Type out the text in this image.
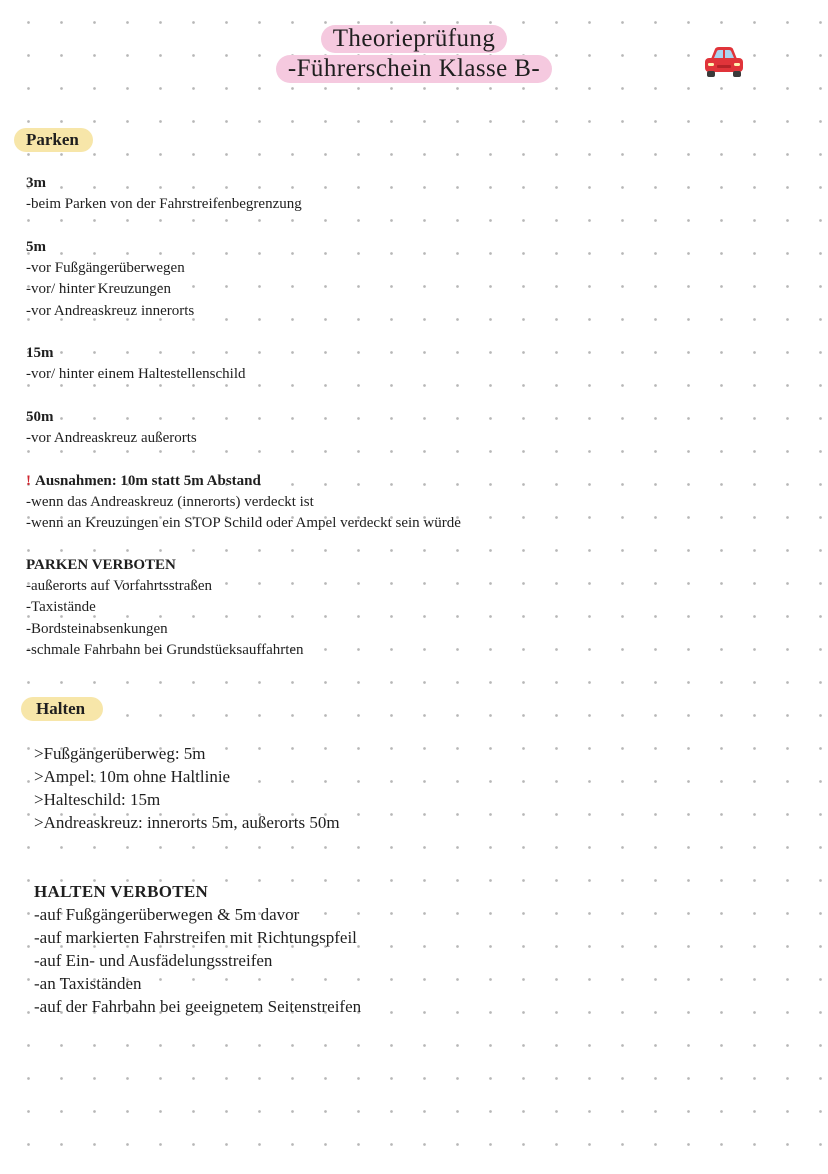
Theorieprüfung
-Führerschein Klasse B-
Parken
3m
-beim Parken von der Fahrstreifenbegrenzung
5m
-vor Fußgängerüberwegen
-vor/ hinter Kreuzungen
-vor Andreaskreuz innerorts
15m
-vor/ hinter einem Haltestellenschild
50m
-vor Andreaskreuz außerorts
! Ausnahmen: 10m statt 5m Abstand
-wenn das Andreaskreuz (innerorts) verdeckt ist
-wenn an Kreuzungen ein STOP Schild oder Ampel verdeckt sein würde
PARKEN VERBOTEN
-außerorts auf Vorfahrtsstraßen
-Taxistände
-Bordsteinabsenkungen
-schmale Fahrbahn bei Grundstücksauffahrten
Halten
>Fußgängerüberweg: 5m
>Ampel: 10m ohne Haltlinie
>Halteschild: 15m
>Andreaskreuz: innerorts 5m, außerorts 50m
HALTEN VERBOTEN
-auf Fußgängerüberwegen & 5m davor
-auf markierten Fahrstreifen mit Richtungspfeil
-auf Ein- und Ausfädelungsstreifen
-an Taxiständen
-auf der Fahrbahn bei geeignetem Seitenstreifen
